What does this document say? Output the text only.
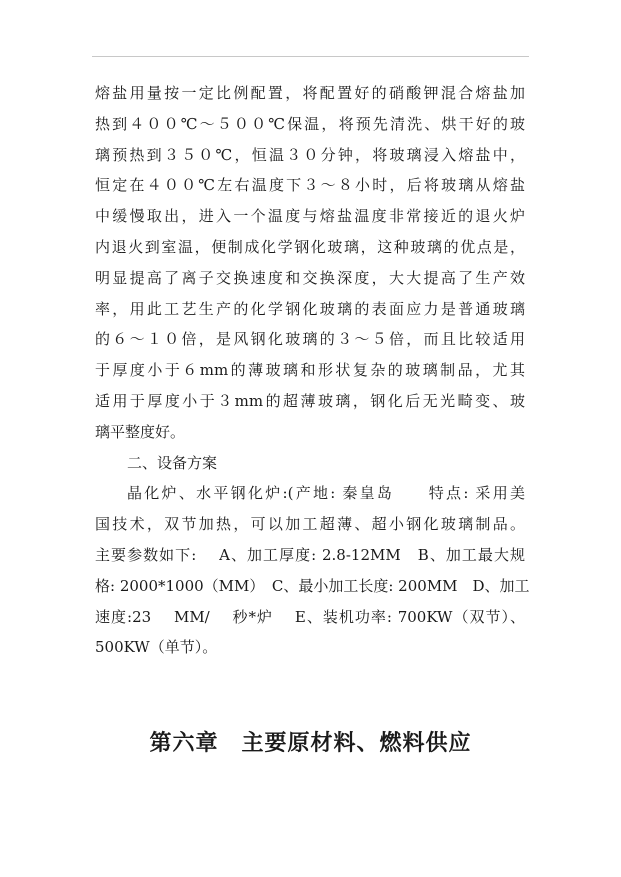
熔盐用量按一定比例配置，将配置好的硝酸钾混合熔盐加
热到４００℃～５００℃保温，将预先清洗、烘干好的玻
璃预热到３５０℃，恒温３０分钟，将玻璃浸入熔盐中，
恒定在４００℃左右温度下３～８小时，后将玻璃从熔盐
中缓慢取出，进入一个温度与熔盐温度非常接近的退火炉
内退火到室温，便制成化学钢化玻璃，这种玻璃的优点是，
明显提高了离子交换速度和交换深度，大大提高了生产效
率，用此工艺生产的化学钢化玻璃的表面应力是普通玻璃
的６～１０倍，是风钢化玻璃的３～５倍，而且比较适用
于厚度小于６mm的薄玻璃和形状复杂的玻璃制品，尤其
适用于厚度小于３mm的超薄玻璃，钢化后无光畸变、玻
璃平整度好。
二、设备方案
晶化炉、水平钢化炉:(产地: 秦皇岛　　特点: 采用美
国技术，双节加热，可以加工超薄、超小钢化玻璃制品。
主要参数如下:　 A、加工厚度: 2.8-12MM　B、加工最大规
格: 2000*1000（MM）　C、最小加工长度: 200MM　D、加工
速度:23　 MM/　 秒*炉　 E、装机功率: 700KW（双节）、
500KW（单节）。
第六章　主要原材料、燃料供应
